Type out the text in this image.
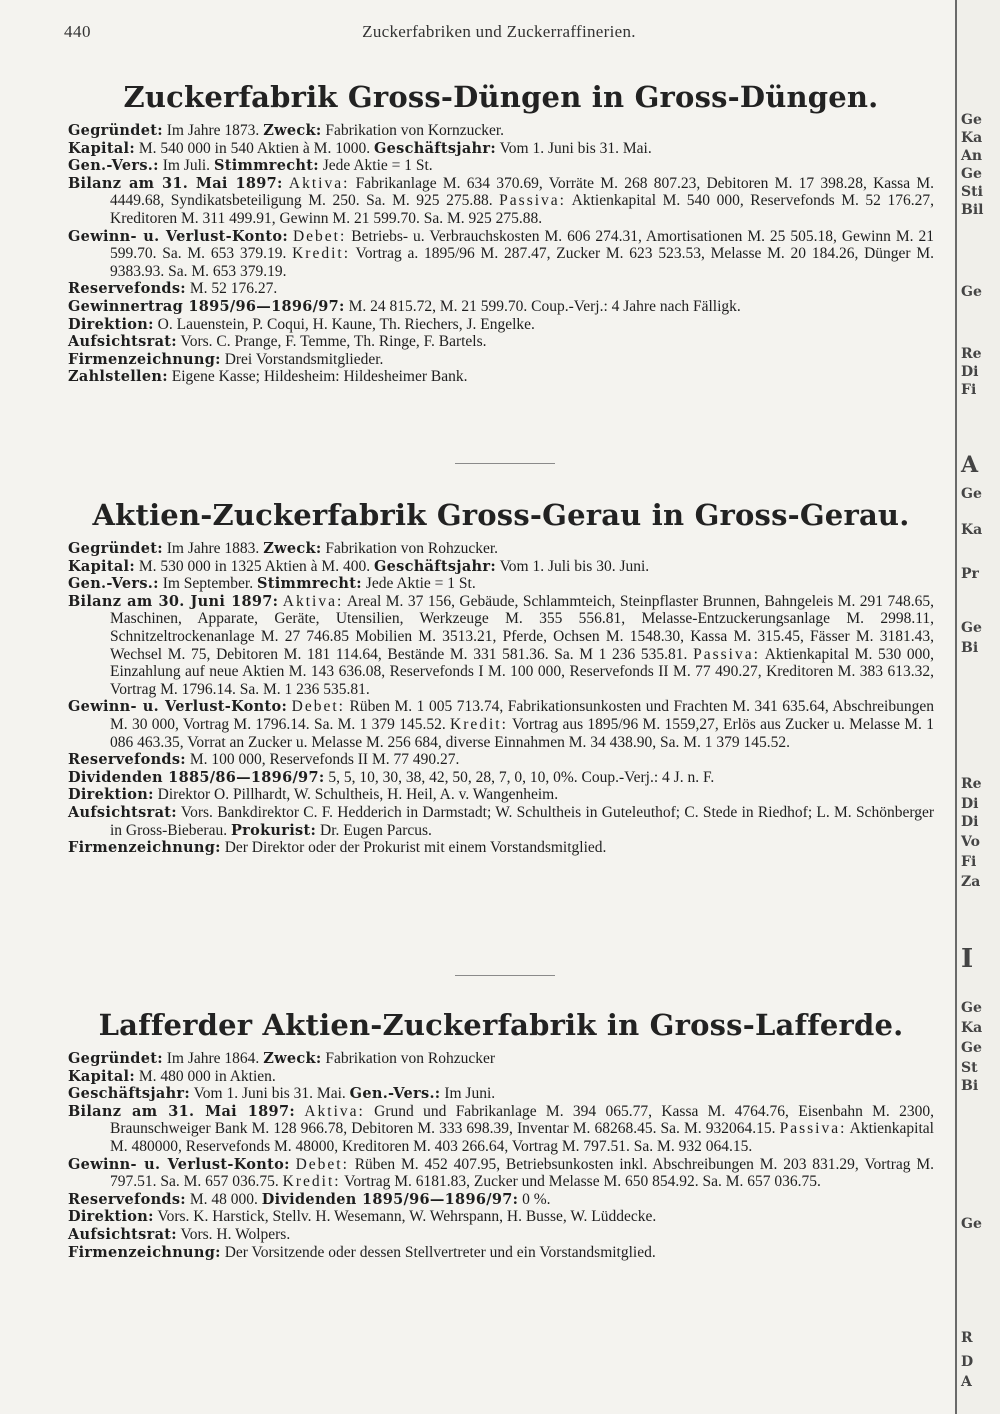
440	Zuckerfabriken und Zuckerraffinerien.
Zuckerfabrik Gross-Düngen in Gross-Düngen.
Gegründet: Im Jahre 1873. Zweck: Fabrikation von Kornzucker.
Kapital: M. 540 000 in 540 Aktien à M. 1000. Geschäftsjahr: Vom 1. Juni bis 31. Mai.
Gen.-Vers.: Im Juli. Stimmrecht: Jede Aktie = 1 St.
Bilanz am 31. Mai 1897: Aktiva: Fabrikanlage M. 634 370.69, Vorräte M. 268 807.23, Debitoren M. 17 398.28, Kassa M. 4449.68, Syndikatsbeteiligung M. 250. Sa. M. 925 275.88. Passiva: Aktienkapital M. 540 000, Reservefonds M. 52 176.27, Kreditoren M. 311 499.91, Gewinn M. 21 599.70. Sa. M. 925 275.88.
Gewinn- u. Verlust-Konto: Debet: Betriebs- u. Verbrauchskosten M. 606 274.31, Amortisationen M. 25 505.18, Gewinn M. 21 599.70. Sa. M. 653 379.19. Kredit: Vortrag a. 1895/96 M. 287.47, Zucker M. 623 523.53, Melasse M. 20 184.26, Dünger M. 9383.93. Sa. M. 653 379.19.
Reservefonds: M. 52 176.27.
Gewinnertrag 1895/96—1896/97: M. 24 815.72, M. 21 599.70. Coup.-Verj.: 4 Jahre nach Fälligk.
Direktion: O. Lauenstein, P. Coqui, H. Kaune, Th. Riechers, J. Engelke.
Aufsichtsrat: Vors. C. Prange, F. Temme, Th. Ringe, F. Bartels.
Firmenzeichnung: Drei Vorstandsmitglieder.
Zahlstellen: Eigene Kasse; Hildesheim: Hildesheimer Bank.
Aktien-Zuckerfabrik Gross-Gerau in Gross-Gerau.
Gegründet: Im Jahre 1883. Zweck: Fabrikation von Rohzucker.
Kapital: M. 530 000 in 1325 Aktien à M. 400. Geschäftsjahr: Vom 1. Juli bis 30. Juni.
Gen.-Vers.: Im September. Stimmrecht: Jede Aktie = 1 St.
Bilanz am 30. Juni 1897: Aktiva: Areal M. 37 156, Gebäude, Schlammteich, Steinpflaster Brunnen, Bahngeleis M. 291 748.65, Maschinen, Apparate, Geräte, Utensilien, Werkzeuge M. 355 556.81, Melasse-Entzuckerungsanlage M. 2998.11, Schnitzeltrockenanlage M. 27 746.85 Mobilien M. 3513.21, Pferde, Ochsen M. 1548.30, Kassa M. 315.45, Fässer M. 3181.43, Wechsel M. 75, Debitoren M. 181 114.64, Bestände M. 331 581.36. Sa. M 1 236 535.81. Passiva: Aktienkapital M. 530 000, Einzahlung auf neue Aktien M. 143 636.08, Reservefonds I M. 100 000, Reservefonds II M. 77 490.27, Kreditoren M. 383 613.32, Vortrag M. 1796.14. Sa. M. 1 236 535.81.
Gewinn- u. Verlust-Konto: Debet: Rüben M. 1 005 713.74, Fabrikationsunkosten und Frachten M. 341 635.64, Abschreibungen M. 30 000, Vortrag M. 1796.14. Sa. M. 1 379 145.52. Kredit: Vortrag aus 1895/96 M. 1559,27, Erlös aus Zucker u. Melasse M. 1 086 463.35, Vorrat an Zucker u. Melasse M. 256 684, diverse Einnahmen M. 34 438.90, Sa. M. 1 379 145.52.
Reservefonds: M. 100 000, Reservefonds II M. 77 490.27.
Dividenden 1885/86—1896/97: 5, 5, 10, 30, 38, 42, 50, 28, 7, 0, 10, 0%. Coup.-Verj.: 4 J. n. F.
Direktion: Direktor O. Pillhardt, W. Schultheis, H. Heil, A. v. Wangenheim.
Aufsichtsrat: Vors. Bankdirektor C. F. Hedderich in Darmstadt; W. Schultheis in Guteleuthof; C. Stede in Riedhof; L. M. Schönberger in Gross-Bieberau. Prokurist: Dr. Eugen Parcus.
Firmenzeichnung: Der Direktor oder der Prokurist mit einem Vorstandsmitglied.
Lafferder Aktien-Zuckerfabrik in Gross-Lafferde.
Gegründet: Im Jahre 1864. Zweck: Fabrikation von Rohzucker
Kapital: M. 480 000 in Aktien.
Geschäftsjahr: Vom 1. Juni bis 31. Mai. Gen.-Vers.: Im Juni.
Bilanz am 31. Mai 1897: Aktiva: Grund und Fabrikanlage M. 394 065.77, Kassa M. 4764.76, Eisenbahn M. 2300, Braunschweiger Bank M. 128 966.78, Debitoren M. 333 698.39, Inventar M. 68268.45. Sa. M. 932064.15. Passiva: Aktienkapital M. 480000, Reservefonds M. 48000, Kreditoren M. 403 266.64, Vortrag M. 797.51. Sa. M. 932 064.15.
Gewinn- u. Verlust-Konto: Debet: Rüben M. 452 407.95, Betriebsunkosten inkl. Abschreibungen M. 203 831.29, Vortrag M. 797.51. Sa. M. 657 036.75. Kredit: Vortrag M. 6181.83, Zucker und Melasse M. 650 854.92. Sa. M. 657 036.75.
Reservefonds: M. 48 000. Dividenden 1895/96—1896/97: 0 %.
Direktion: Vors. K. Harstick, Stellv. H. Wesemann, W. Wehrspann, H. Busse, W. Lüddecke.
Aufsichtsrat: Vors. H. Wolpers.
Firmenzeichnung: Der Vorsitzende oder dessen Stellvertreter und ein Vorstandsmitglied.
Ge
Ka
An
Ge
Sti
Bil
Ge
Re
Di
Fi
A
Ge
Ka
Pr
Ge
Bi
Re
Di
Di
Vo
Fi
Za
I
Ge
Ka
Ge
St
Bi
Ge
R
D
A
